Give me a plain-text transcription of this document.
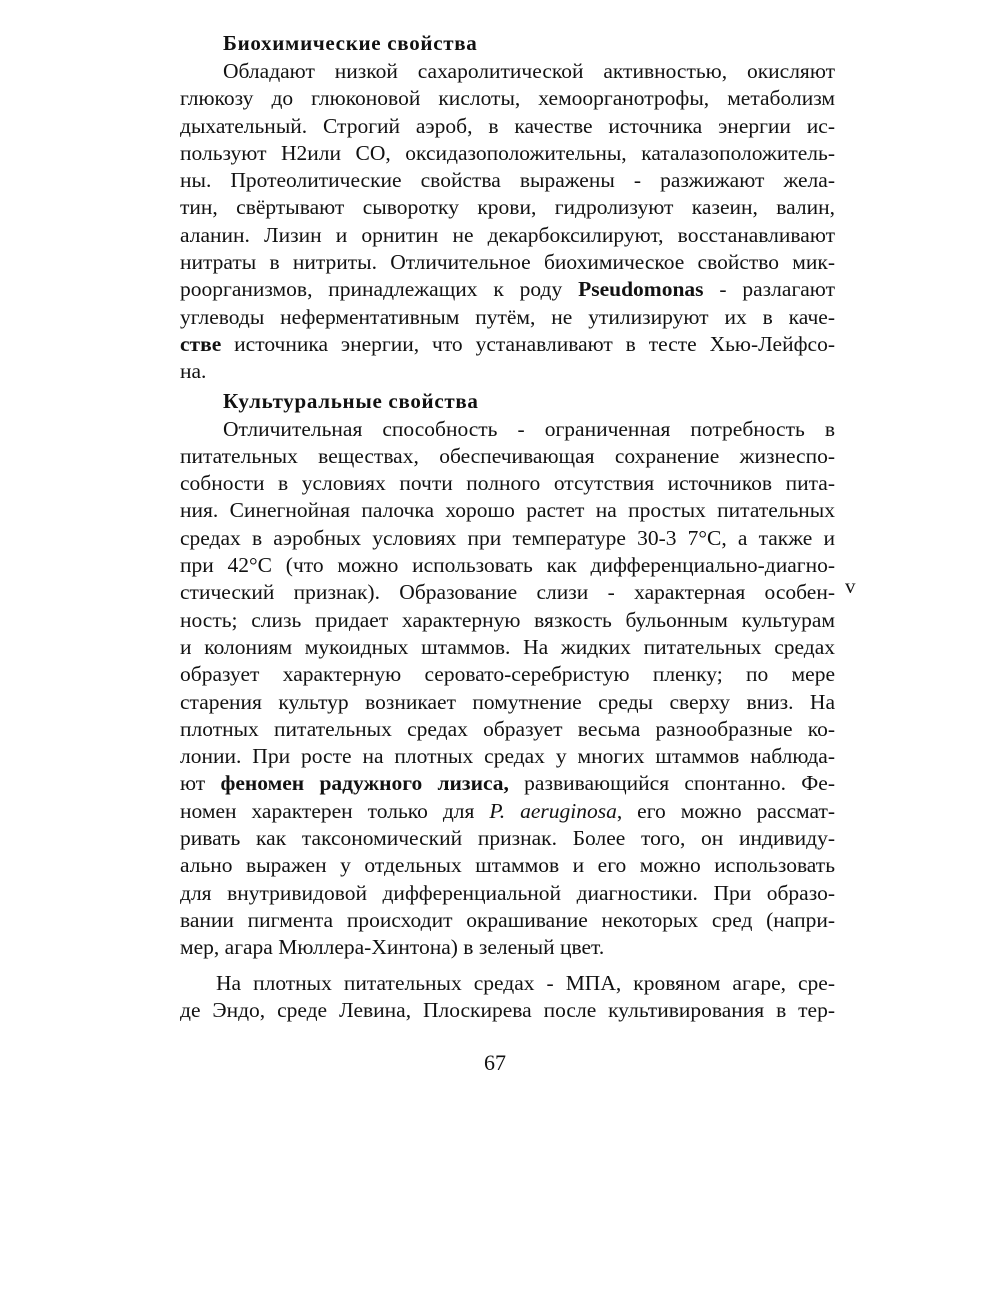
Биохимические свойства
Обладают низкой сахаролитической активностью, окисляют
глюкозу до глюконовой кислоты, хемоорганотрофы, метаболизм
дыхательный. Строгий аэроб, в качестве источника энергии ис-
пользуют Н2или СО, оксидазоположительны, каталазоположитель-
ны. Протеолитические свойства выражены - разжижают жела-
тин, свёртывают сыворотку крови, гидролизуют казеин, валин,
аланин. Лизин и орнитин не декарбоксилируют, восстанавливают
нитраты в нитриты. Отличительное биохимическое свойство мик-
роорганизмов, принадлежащих к роду Pseudomonas - разлагают
углеводы неферментативным путём, не утилизируют их в каче-
стве источника энергии, что устанавливают в тесте Хью-Лейфсо-
на.
Культуральные свойства
Отличительная способность - ограниченная потребность в
питательных веществах, обеспечивающая сохранение жизнеспо-
собности в условиях почти полного отсутствия источников пита-
ния. Синегнойная палочка хорошо растет на простых питательных
средах в аэробных условиях при температуре 30-3 7°С, а также и
при 42°С (что можно использовать как дифференциально-диагно-
стический признак). Образование слизи - характерная особен-
ность; слизь придает характерную вязкость бульонным культурам
и колониям мукоидных штаммов. На жидких питательных средах
образует характерную серовато-серебристую пленку; по мере
старения культур возникает помутнение среды сверху вниз. На
плотных питательных средах образует весьма разнообразные ко-
лонии. При росте на плотных средах у многих штаммов наблюда-
ют феномен радужного лизиса, развивающийся спонтанно. Фе-
номен характерен только для P. aeruginosa, его можно рассмат-
ривать как таксономический признак. Более того, он индивиду-
ально выражен у отдельных штаммов и его можно использовать
для внутривидовой дифференциальной диагностики. При образо-
вании пигмента происходит окрашивание некоторых сред (напри-
мер, агара Мюллера-Хинтона) в зеленый цвет.
На плотных питательных средах - МПА, кровяном агаре, сре-
де Эндо, среде Левина, Плоскирева после культивирования в тер-
v
67
